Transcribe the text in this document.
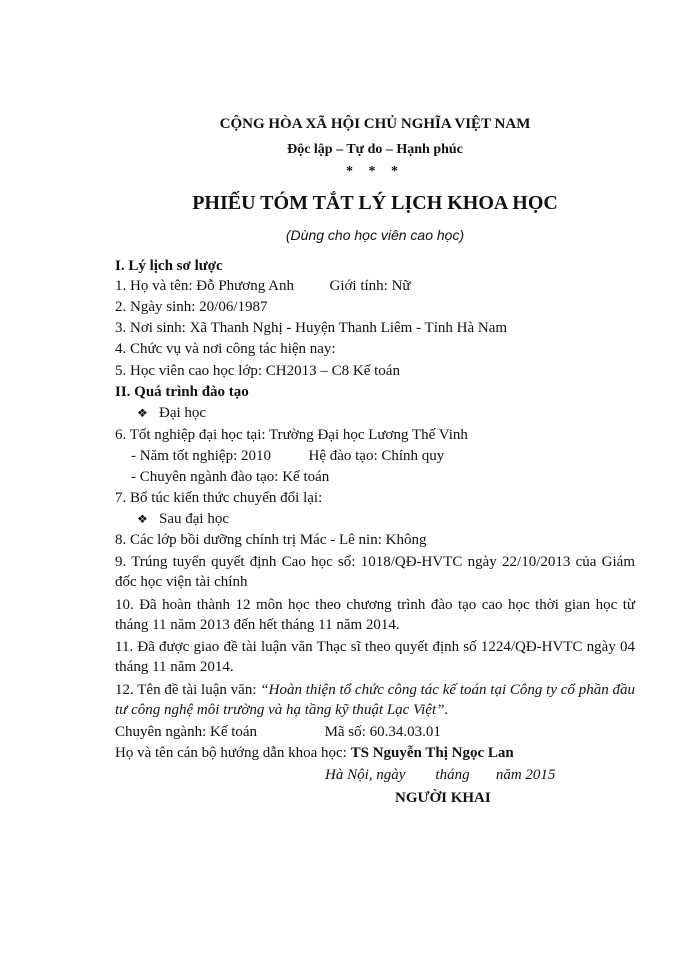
CỘNG HÒA XÃ HỘI CHỦ NGHĨA VIỆT NAM
Độc lập – Tự do – Hạnh phúc
* * *
PHIẾU TÓM TẮT LÝ LỊCH KHOA HỌC
(Dùng cho học viên cao học)
I. Lý lịch sơ lược
1. Họ và tên: Đỗ Phương Anh Giới tính: Nữ
2. Ngày sinh: 20/06/1987
3. Nơi sinh: Xã Thanh Nghị - Huyện Thanh Liêm - Tỉnh Hà Nam
4. Chức vụ và nơi công tác hiện nay:
5. Học viên cao học lớp: CH2013 – C8 Kế toán
II. Quá trình đào tạo
❖ Đại học
6. Tốt nghiệp đại học tại: Trường Đại học Lương Thế Vinh
- Năm tốt nghiệp: 2010	Hệ đào tạo: Chính quy
- Chuyên ngành đào tạo: Kế toán
7. Bổ túc kiến thức chuyển đổi lại:
❖ Sau đại học
8. Các lớp bồi dưỡng chính trị Mác - Lê nin: Không
9. Trúng tuyển quyết định Cao học số: 1018/QĐ-HVTC ngày 22/10/2013 của Giám đốc học viện tài chính
10. Đã hoàn thành 12 môn học theo chương trình đào tạo cao học thời gian học từ tháng 11 năm 2013 đến hết tháng 11 năm 2014.
11. Đã được giao đề tài luận văn Thạc sĩ theo quyết định số 1224/QĐ-HVTC ngày 04 tháng 11 năm 2014.
12. Tên đề tài luận văn: “Hoàn thiện tổ chức công tác kế toán tại Công ty cổ phần đầu tư công nghệ môi trường và hạ tầng kỹ thuật Lạc Việt”.
Chuyên ngành: Kế toán	Mã số: 60.34.03.01
Họ và tên cán bộ hướng dẫn khoa học: TS Nguyễn Thị Ngọc Lan
Hà Nội, ngày        tháng       năm 2015
NGƯỜI KHAI
